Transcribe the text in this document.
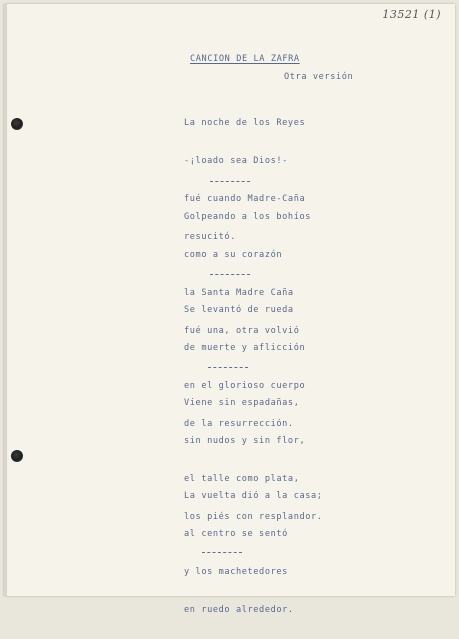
13521 (1)
CANCION DE LA ZAFRA
Otra versión

La noche de los Reyes

-¡loado sea Dios!-

fué cuando Madre-Caña

resucitó.

Golpeando a los bohíos

como a su corazón

la Santa Madre Caña

fué una, otra volvió

Se levantó de rueda

de muerte y aflicción

en el glorioso cuerpo

de la resurrección.

Viene sin espadañas,

sin nudos y sin flor,

el talle como plata,

los piés con resplandor.

La vuelta dió a la casa;

al centro se sentó

y los machetedores

en ruedo alrededor.
